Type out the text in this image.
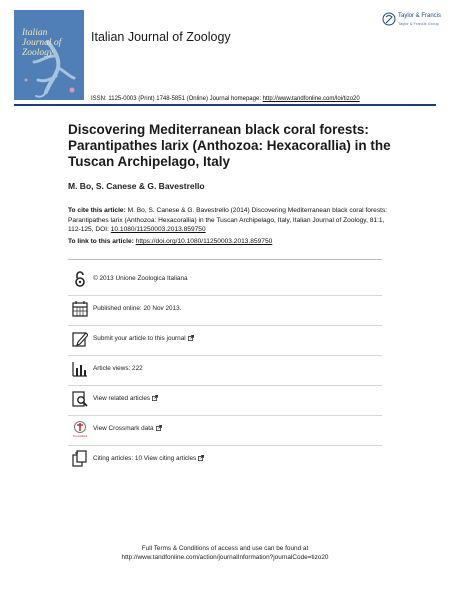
Italian
Journal of
Zoology
Italian Journal of Zoology
Taylor & Francis
Taylor & Francis Group
ISSN: 1125-0003 (Print) 1748-5851 (Online) Journal homepage: http://www.tandfonline.com/loi/tizo20
Discovering Mediterranean black coral forests: Parantipathes larix (Anthozoa: Hexacorallia) in the Tuscan Archipelago, Italy
M. Bo, S. Canese & G. Bavestrello
To cite this article: M. Bo, S. Canese & G. Bavestrello (2014) Discovering Mediterranean black coral forests: Parantipathes larix (Anthozoa: Hexacorallia) in the Tuscan Archipelago, Italy, Italian Journal of Zoology, 81:1, 112-125, DOI: 10.1080/11250003.2013.859750
To link to this article: https://doi.org/10.1080/11250003.2013.859750
© 2013 Unione Zoologica Italiana
Published online: 20 Nov 2013.
Submit your article to this journal
Article views: 222
View related articles
CrossMark
View Crossmark data
Citing articles: 10 View citing articles
Full Terms & Conditions of access and use can be found at
http://www.tandfonline.com/action/journalInformation?journalCode=tizo20
